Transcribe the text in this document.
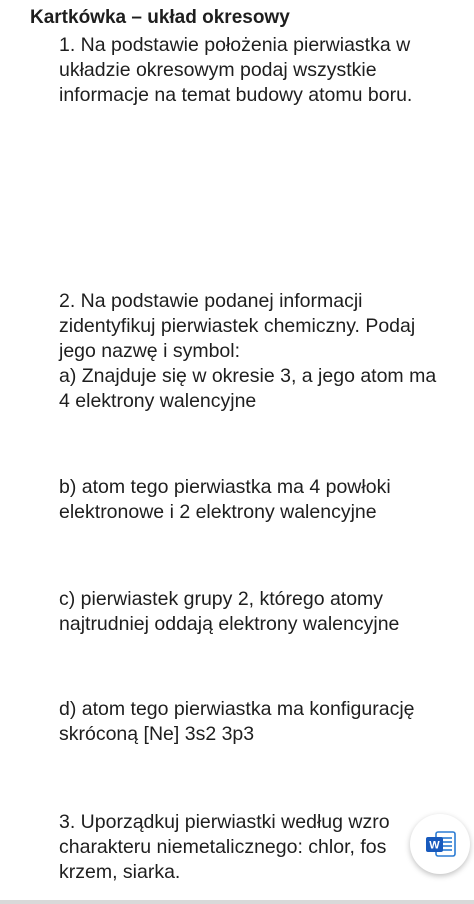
Kartkówka – układ okresowy
1. Na podstawie położenia pierwiastka w
układzie okresowym podaj wszystkie
informacje na temat budowy atomu boru.
2. Na podstawie podanej informacji
zidentyfikuj pierwiastek chemiczny. Podaj
jego nazwę i symbol:
a) Znajduje się w okresie 3, a jego atom ma
4 elektrony walencyjne
b) atom tego pierwiastka ma 4 powłoki
elektronowe i 2 elektrony walencyjne
c) pierwiastek grupy 2, którego atomy
najtrudniej oddają elektrony walencyjne
d) atom tego pierwiastka ma konfigurację
skróconą [Ne] 3s2 3p3
3. Uporządkuj pierwiastki według wzro
charakteru niemetalicznego: chlor, fos
krzem, siarka.
W
